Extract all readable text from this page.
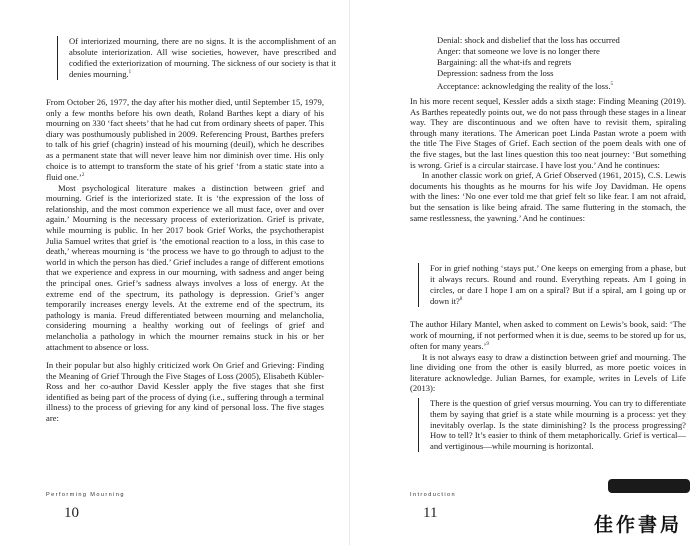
Of interiorized mourning, there are no signs. It is the accomplishment of an absolute interiorization. All wise societies, however, have prescribed and codified the exteriorization of mourning. The sickness of our society is that it denies mourning.$^1$

From October 26, 1977, the day after his mother died, until September 15, 1979, only a few months before his own death, Roland Barthes kept a diary of his mourning on 330 ‘fact sheets’ that he had cut from ordinary sheets of paper. This diary was posthumously published in 2009. Referencing Proust, Barthes prefers to talk of his grief (chagrin) instead of his mourning (deuil), which he describes as a permanent state that will never leave him nor diminish over time. His only choice is to attempt to transform the state of his grief ‘from a static state into a fluid one.’$^2$

Most psychological literature makes a distinction between grief and mourning. Grief is the interiorized state. It is ‘the expression of the loss of relationship, and the most common experience we all must face, over and over again.’ Mourning is the necessary process of exteriorization. Grief is private, while mourning is public. In her 2017 book Grief Works, the psychotherapist Julia Samuel writes that grief is ‘the emotional reaction to a loss, in this case to death,’ whereas mourning is ‘the process we have to go through to adjust to the world in which the person has died.’ Grief includes a range of different emotions that we experience and express in our mourning, with sadness and anger being the principal ones. Grief’s sadness always involves a loss of energy. At the extreme end of the spectrum, its pathology is depression. Grief’s anger temporarily increases energy levels. At the extreme end of the spectrum, its pathology is mania. Freud differentiated between mourning and melancholia, considering mourning a healthy working out of feelings of grief and melancholia a pathology in which the mourner remains stuck in his or her attachment to absence or loss.

In their popular but also highly criticized work On Grief and Grieving: Finding the Meaning of Grief Through the Five Stages of Loss (2005), Elisabeth Kübler-Ross and her co-author David Kessler apply the five stages that she first identified as being part of the process of dying (i.e., suffering through a terminal illness) to the process of grieving for any kind of personal loss. The five stages are:

Performing Mourning
10
Denial: shock and disbelief that the loss has occurred
Anger: that someone we love is no longer there
Bargaining: all the what-ifs and regrets
Depression: sadness from the loss
Acceptance: acknowledging the reality of the loss.$^5$

In his more recent sequel, Kessler adds a sixth stage: Finding Meaning (2019). As Barthes repeatedly points out, we do not pass through these stages in a linear way. They are discontinuous and we often have to revisit them, spiraling through many iterations. The American poet Linda Pastan wrote a poem with the title The Five Stages of Grief. Each section of the poem deals with one of the five stages, but the last lines question this too neat journey: ‘But something is wrong. Grief is a circular staircase. I have lost you.’ And he continues:

In another classic work on grief, A Grief Observed (1961, 2015), C.S. Lewis documents his thoughts as he mourns for his wife Joy Davidman. He opens with the lines: ‘No one ever told me that grief felt so like fear. I am not afraid, but the sensation is like being afraid. The same fluttering in the stomach, the same restlessness, the yawning.’ And he continues:

For in grief nothing ‘stays put.’ One keeps on emerging from a phase, but it always recurs. Round and round. Everything repeats. Am I going in circles, or dare I hope I am on a spiral? But if a spiral, am I going up or down it?$^8$

The author Hilary Mantel, when asked to comment on Lewis’s book, said: ‘The work of mourning, if not performed when it is due, seems to be stored up for us, often for many years.’$^9$

It is not always easy to draw a distinction between grief and mourning. The line dividing one from the other is easily blurred, as more poetic voices in literature acknowledge. Julian Barnes, for example, writes in Levels of Life (2013):

There is the question of grief versus mourning. You can try to differentiate them by saying that grief is a state while mourning is a process: yet they inevitably overlap. Is the state diminishing? Is the process progressing? How to tell? It’s easier to think of them metaphorically. Grief is vertical—and vertiginous—while mourning is horizontal.

Introduction
11
佳作書局
